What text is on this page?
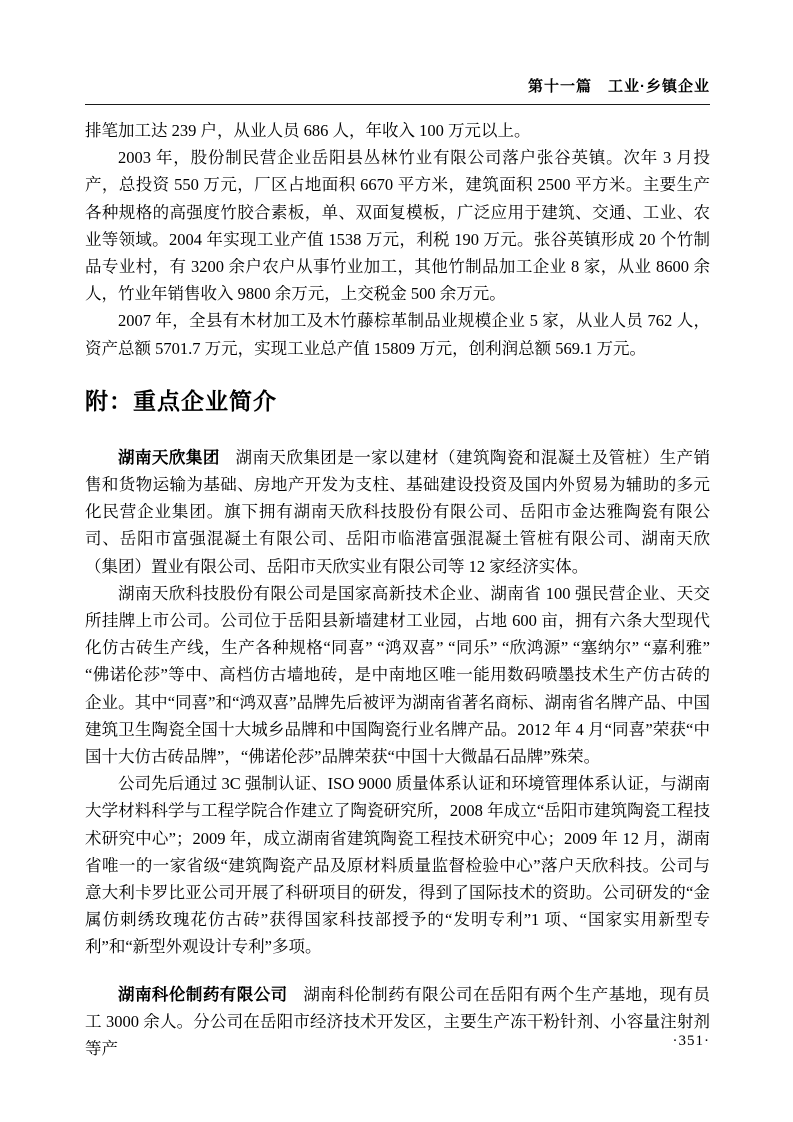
第十一篇　工业·乡镇企业

排笔加工达 239 户，从业人员 686 人，年收入 100 万元以上。

2003 年，股份制民营企业岳阳县丛林竹业有限公司落户张谷英镇。次年 3 月投产，总投资 550 万元，厂区占地面积 6670 平方米，建筑面积 2500 平方米。主要生产各种规格的高强度竹胶合素板，单、双面复模板，广泛应用于建筑、交通、工业、农业等领域。2004 年实现工业产值 1538 万元，利税 190 万元。张谷英镇形成 20 个竹制品专业村，有 3200 余户农户从事竹业加工，其他竹制品加工企业 8 家，从业 8600 余人，竹业年销售收入 9800 余万元，上交税金 500 余万元。

2007 年，全县有木材加工及木竹藤棕革制品业规模企业 5 家，从业人员 762 人，资产总额 5701.7 万元，实现工业总产值 15809 万元，创利润总额 569.1 万元。

附：重点企业简介

湖南天欣集团 湖南天欣集团是一家以建材（建筑陶瓷和混凝土及管桩）生产销售和货物运输为基础、房地产开发为支柱、基础建设投资及国内外贸易为辅助的多元化民营企业集团。旗下拥有湖南天欣科技股份有限公司、岳阳市金达雅陶瓷有限公司、岳阳市富强混凝土有限公司、岳阳市临港富强混凝土管桩有限公司、湖南天欣（集团）置业有限公司、岳阳市天欣实业有限公司等 12 家经济实体。

湖南天欣科技股份有限公司是国家高新技术企业、湖南省 100 强民营企业、天交所挂牌上市公司。公司位于岳阳县新墙建材工业园，占地 600 亩，拥有六条大型现代化仿古砖生产线，生产各种规格“同喜” “鸿双喜” “同乐” “欣鸿源” “塞纳尔” “嘉利雅” “佛诺伦莎”等中、高档仿古墙地砖，是中南地区唯一能用数码喷墨技术生产仿古砖的企业。其中“同喜”和“鸿双喜”品牌先后被评为湖南省著名商标、湖南省名牌产品、中国建筑卫生陶瓷全国十大城乡品牌和中国陶瓷行业名牌产品。2012 年 4 月“同喜”荣获“中国十大仿古砖品牌”，“佛诺伦莎”品牌荣获“中国十大微晶石品牌”殊荣。

公司先后通过 3C 强制认证、ISO 9000 质量体系认证和环境管理体系认证，与湖南大学材料科学与工程学院合作建立了陶瓷研究所，2008 年成立“岳阳市建筑陶瓷工程技术研究中心”；2009 年，成立湖南省建筑陶瓷工程技术研究中心；2009 年 12 月，湖南省唯一的一家省级“建筑陶瓷产品及原材料质量监督检验中心”落户天欣科技。公司与意大利卡罗比亚公司开展了科研项目的研发，得到了国际技术的资助。公司研发的“金属仿刺绣玫瑰花仿古砖”获得国家科技部授予的“发明专利”1 项、“国家实用新型专利”和“新型外观设计专利”多项。

湖南科伦制药有限公司 湖南科伦制药有限公司在岳阳有两个生产基地，现有员工 3000 余人。分公司在岳阳市经济技术开发区，主要生产冻干粉针剂、小容量注射剂等产	·351·
